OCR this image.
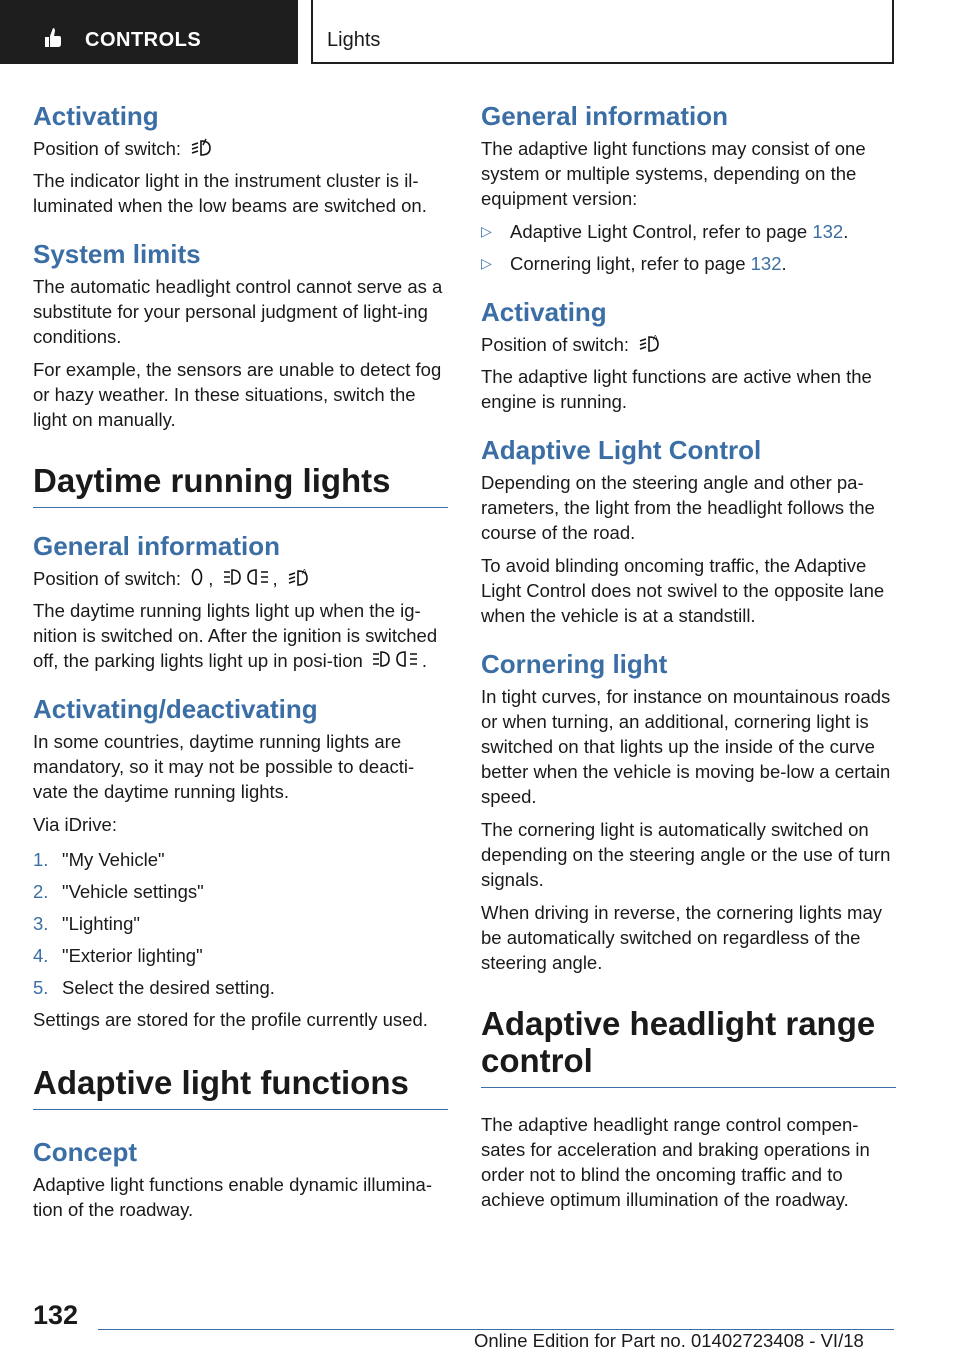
CONTROLS	Lights
Activating

Position of switch:

The indicator light in the instrument cluster is il-luminated when the low beams are switched on.

System limits

The automatic headlight control cannot serve as a substitute for your personal judgment of light-ing conditions.

For example, the sensors are unable to detect fog or hazy weather. In these situations, switch the light on manually.

Daytime running lights
General information

Position of switch: ,	,	A

The daytime running lights light up when the ig-nition is switched on. After the ignition is switched off, the parking lights light up in posi-tion	.

Activating/deactivating

In some countries, daytime running lights are mandatory, so it may not be possible to deacti-vate the daytime running lights.

Via iDrive:

1. "My Vehicle"
2. "Vehicle settings"
3. "Lighting"
4. "Exterior lighting"
5. Select the desired setting.

Settings are stored for the profile currently used.

Adaptive light functions
Concept

Adaptive light functions enable dynamic illumina-tion of the roadway.

General information

The adaptive light functions may consist of one system or multiple systems, depending on the equipment version:

▷ Adaptive Light Control, refer to page 132.
▷ Cornering light, refer to page 132.
Activating

Position of switch:	A

The adaptive light functions are active when the engine is running.

Adaptive Light Control

Depending on the steering angle and other pa-rameters, the light from the headlight follows the course of the road.

To avoid blinding oncoming traffic, the Adaptive Light Control does not swivel to the opposite lane when the vehicle is at a standstill.

Cornering light

In tight curves, for instance on mountainous roads or when turning, an additional, cornering light is switched on that lights up the inside of the curve better when the vehicle is moving be-low a certain speed.

The cornering light is automatically switched on depending on the steering angle or the use of turn signals.

When driving in reverse, the cornering lights may be automatically switched on regardless of the steering angle.

Adaptive headlight range control

The adaptive headlight range control compen-sates for acceleration and braking operations in order not to blind the oncoming traffic and to achieve optimum illumination of the roadway.

132
Online Edition for Part no. 01402723408 - VI/18
